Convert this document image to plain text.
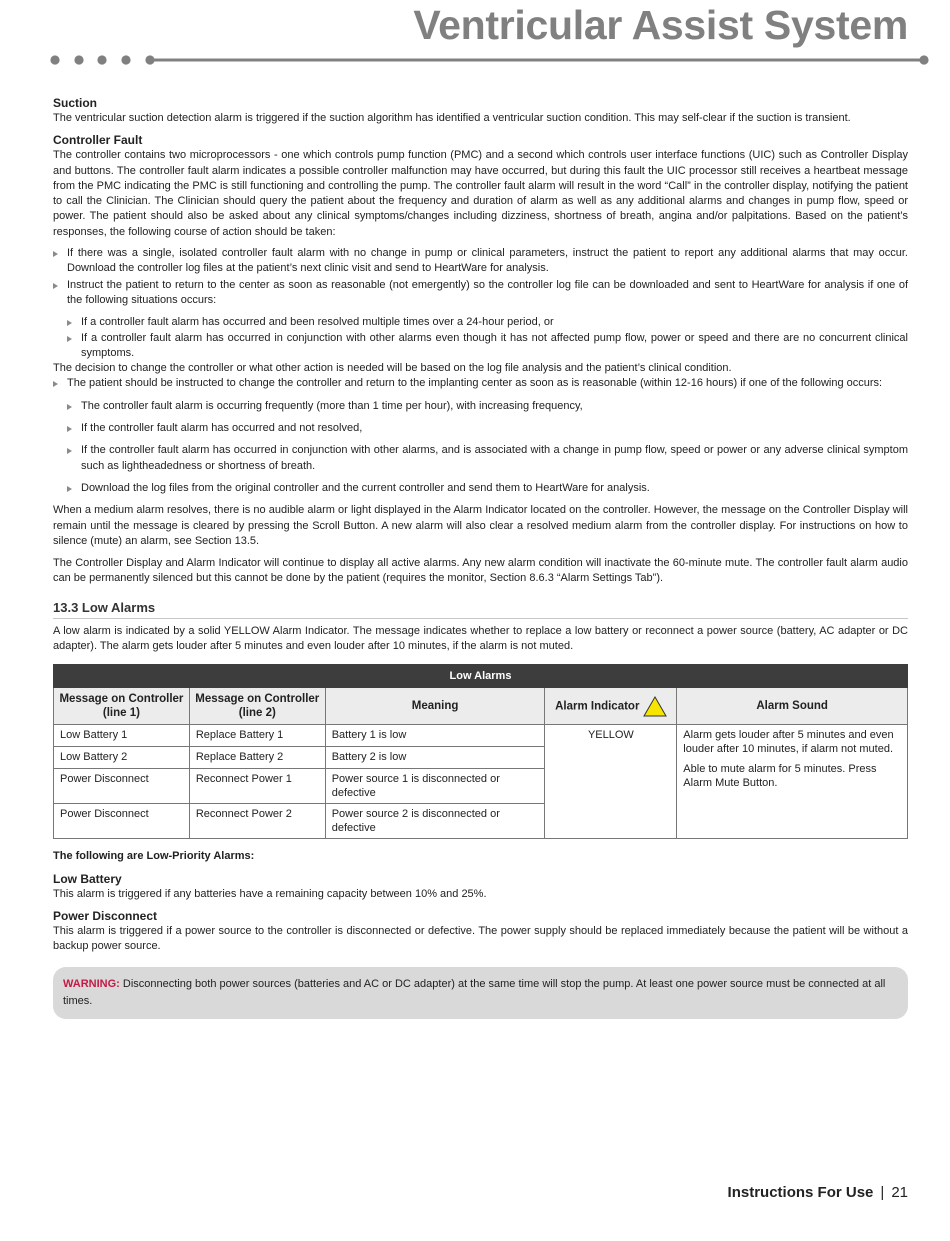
Ventricular Assist System
Suction

The ventricular suction detection alarm is triggered if the suction algorithm has identified a ventricular suction condition. This may self-clear if the suction is transient.

Controller Fault

The controller contains two microprocessors - one which controls pump function (PMC) and a second which controls user interface functions (UIC) such as Controller Display and buttons. The controller fault alarm indicates a possible controller malfunction may have occurred, but during this fault the UIC processor still receives a heartbeat message from the PMC indicating the PMC is still functioning and controlling the pump. The controller fault alarm will result in the word “Call” in the controller display, notifying the patient to call the Clinician. The Clinician should query the patient about the frequency and duration of alarm as well as any additional alarms and changes in pump flow, speed or power. The patient should also be asked about any clinical symptoms/changes including dizziness, shortness of breath, angina and/or palpitations. Based on the patient’s responses, the following course of action should be taken:

If there was a single, isolated controller fault alarm with no change in pump or clinical parameters, instruct the patient to report any additional alarms that may occur. Download the controller log files at the patient’s next clinic visit and send to HeartWare for analysis.
Instruct the patient to return to the center as soon as reasonable (not emergently) so the controller log file can be downloaded and sent to HeartWare for analysis if one of the following situations occurs:
If a controller fault alarm has occurred and been resolved multiple times over a 24-hour period, or
If a controller fault alarm has occurred in conjunction with other alarms even though it has not affected pump flow, power or speed and there are no concurrent clinical symptoms.

The decision to change the controller or what other action is needed will be based on the log file analysis and the patient’s clinical condition.

The patient should be instructed to change the controller and return to the implanting center as soon as is reasonable (within 12-16 hours) if one of the following occurs:
The controller fault alarm is occurring frequently (more than 1 time per hour), with increasing frequency,
If the controller fault alarm has occurred and not resolved,
If the controller fault alarm has occurred in conjunction with other alarms, and is associated with a change in pump flow, speed or power or any adverse clinical symptom such as lightheadedness or shortness of breath.
Download the log files from the original controller and the current controller and send them to HeartWare for analysis.

When a medium alarm resolves, there is no audible alarm or light displayed in the Alarm Indicator located on the controller. However, the message on the Controller Display will remain until the message is cleared by pressing the Scroll Button. A new alarm will also clear a resolved medium alarm from the controller display. For instructions on how to silence (mute) an alarm, see Section 13.5.

The Controller Display and Alarm Indicator will continue to display all active alarms. Any new alarm condition will inactivate the 60-minute mute. The controller fault alarm audio can be permanently silenced but this cannot be done by the patient (requires the monitor, Section 8.6.3 “Alarm Settings Tab”).

13.3 Low Alarms

A low alarm is indicated by a solid YELLOW Alarm Indicator. The message indicates whether to replace a low battery or reconnect a power source (battery, AC adapter or DC adapter). The alarm gets louder after 5 minutes and even louder after 10 minutes, if the alarm is not muted.

Low Alarms				
Message on Controller (line 1)	Message on Controller (line 2)	Meaning	Alarm Indicator	Alarm Sound
Low Battery 1	Replace Battery 1	Battery 1 is low	YELLOW	Alarm gets louder after 5 minutes and even louder after 10 minutes, if alarm not muted.
Able to mute alarm for 5 minutes. Press Alarm Mute Button.

Low Battery 2	Replace Battery 2	Battery 2 is low		
Power Disconnect	Reconnect Power 1	Power source 1 is disconnected or defective		
Power Disconnect	Reconnect Power 2	Power source 2 is disconnected or defective		

The following are Low-Priority Alarms:

Low Battery

This alarm is triggered if any batteries have a remaining capacity between 10% and 25%.

Power Disconnect

This alarm is triggered if a power source to the controller is disconnected or defective. The power supply should be replaced immediately because the patient will be without a backup power source.

WARNING: Disconnecting both power sources (batteries and AC or DC adapter) at the same time will stop the pump. At least one power source must be connected at all times.
Instructions For Use | 21
